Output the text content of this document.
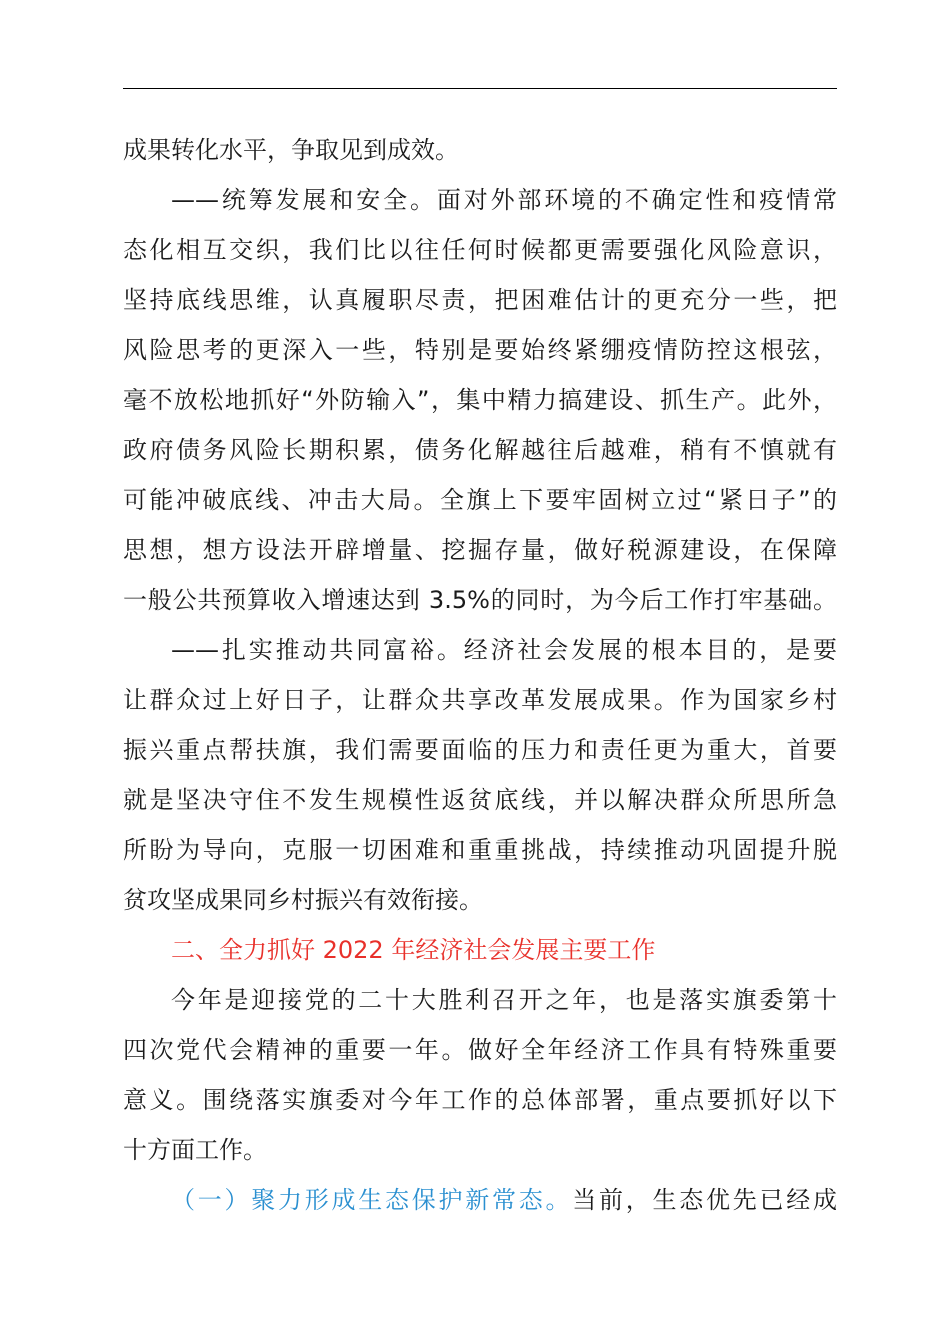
成果转化水平，争取见到成效。
——统筹发展和安全。面对外部环境的不确定性和疫情常
态化相互交织，我们比以往任何时候都更需要强化风险意识，
坚持底线思维，认真履职尽责，把困难估计的更充分一些，把
风险思考的更深入一些，特别是要始终紧绷疫情防控这根弦，
毫不放松地抓好“外防输入”，集中精力搞建设、抓生产。此外，
政府债务风险长期积累，债务化解越往后越难，稍有不慎就有
可能冲破底线、冲击大局。全旗上下要牢固树立过“紧日子”的
思想，想方设法开辟增量、挖掘存量，做好税源建设，在保障
一般公共预算收入增速达到 3.5%的同时，为今后工作打牢基础。
——扎实推动共同富裕。经济社会发展的根本目的，是要
让群众过上好日子，让群众共享改革发展成果。作为国家乡村
振兴重点帮扶旗，我们需要面临的压力和责任更为重大，首要
就是坚决守住不发生规模性返贫底线，并以解决群众所思所急
所盼为导向，克服一切困难和重重挑战，持续推动巩固提升脱
贫攻坚成果同乡村振兴有效衔接。
二、全力抓好 2022 年经济社会发展主要工作
今年是迎接党的二十大胜利召开之年，也是落实旗委第十
四次党代会精神的重要一年。做好全年经济工作具有特殊重要
意义。围绕落实旗委对今年工作的总体部署，重点要抓好以下
十方面工作。
（一）聚力形成生态保护新常态。当前，生态优先已经成
